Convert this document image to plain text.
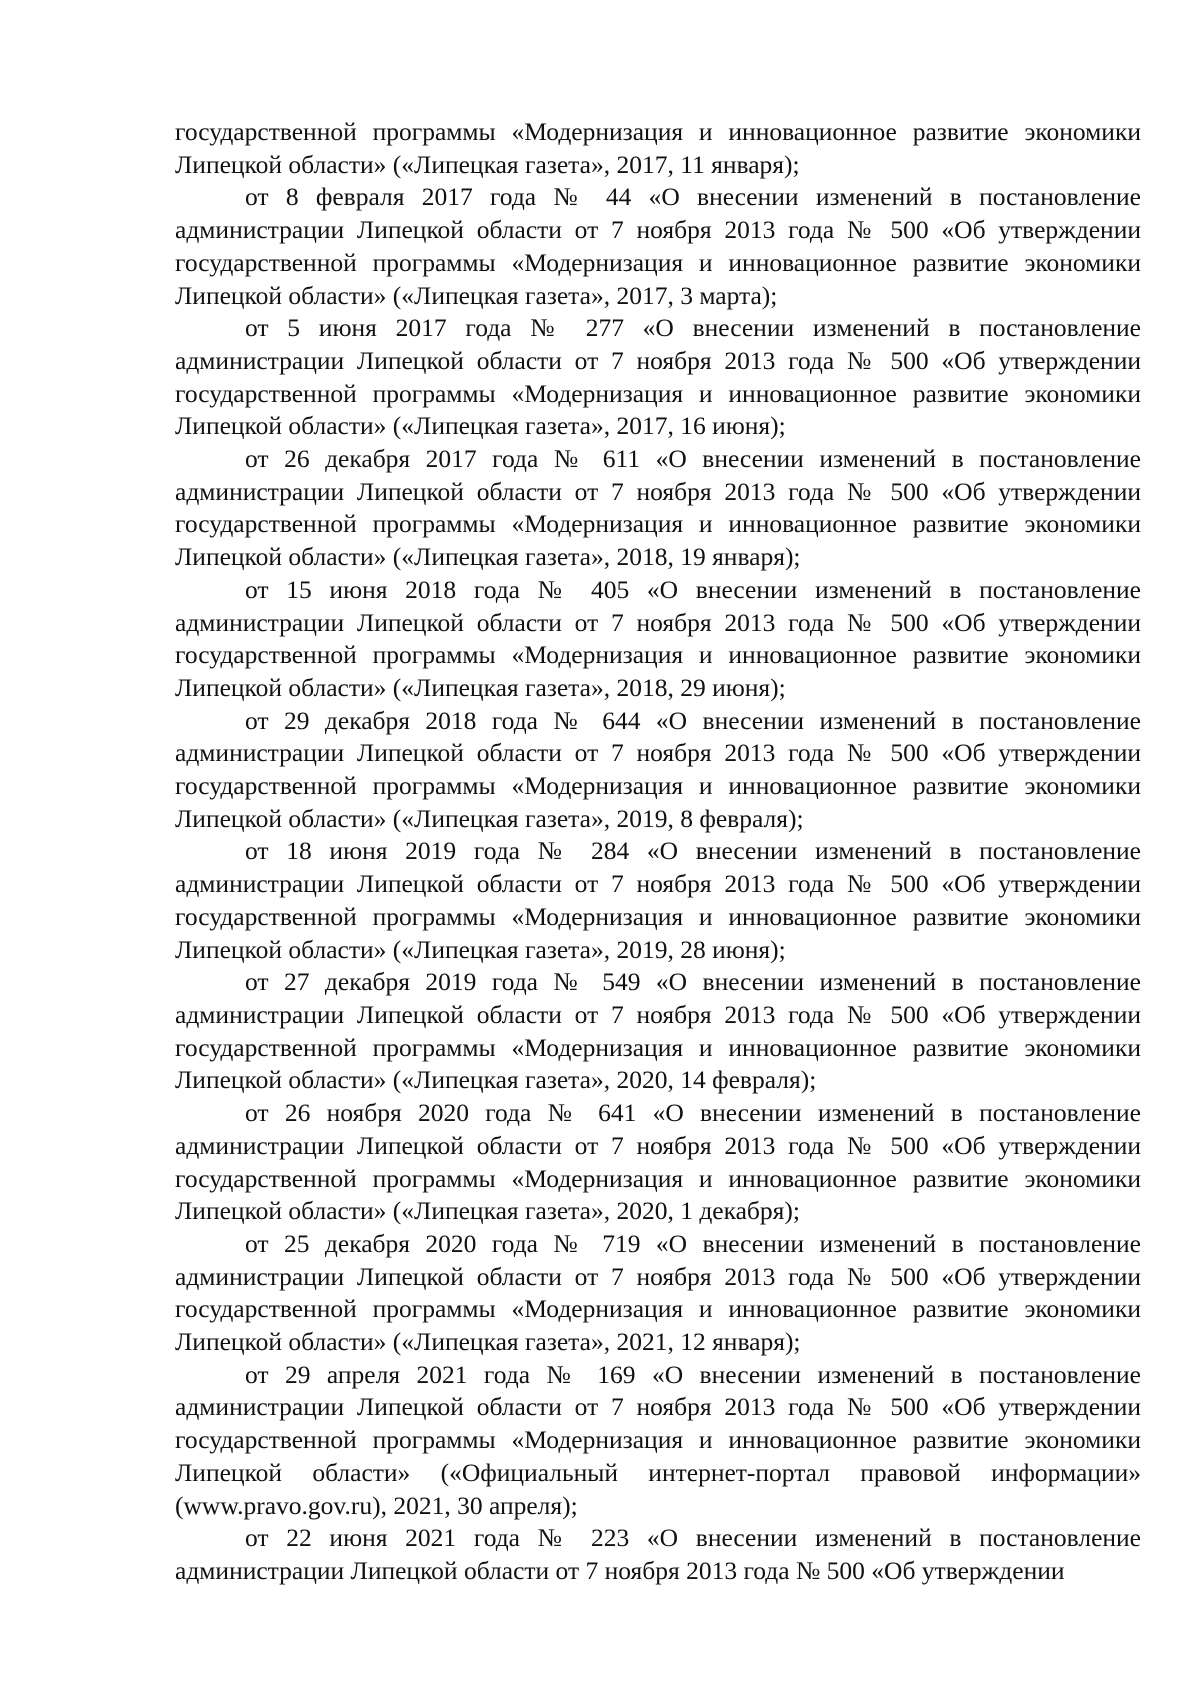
государственной программы «Модернизация и инновационное развитие экономики Липецкой области» («Липецкая газета», 2017, 11 января);

от 8 февраля 2017 года № 44 «О внесении изменений в постановление администрации Липецкой области от 7 ноября 2013 года № 500 «Об утверждении государственной программы «Модернизация и инновационное развитие экономики Липецкой области» («Липецкая газета», 2017, 3 марта);

от 5 июня 2017 года № 277 «О внесении изменений в постановление администрации Липецкой области от 7 ноября 2013 года № 500 «Об утверждении государственной программы «Модернизация и инновационное развитие экономики Липецкой области» («Липецкая газета», 2017, 16 июня);

от 26 декабря 2017 года № 611 «О внесении изменений в постановление администрации Липецкой области от 7 ноября 2013 года № 500 «Об утверждении государственной программы «Модернизация и инновационное развитие экономики Липецкой области» («Липецкая газета», 2018, 19 января);

от 15 июня 2018 года № 405 «О внесении изменений в постановление администрации Липецкой области от 7 ноября 2013 года № 500 «Об утверждении государственной программы «Модернизация и инновационное развитие экономики Липецкой области» («Липецкая газета», 2018, 29 июня);

от 29 декабря 2018 года № 644 «О внесении изменений в постановление администрации Липецкой области от 7 ноября 2013 года № 500 «Об утверждении государственной программы «Модернизация и инновационное развитие экономики Липецкой области» («Липецкая газета», 2019, 8 февраля);

от 18 июня 2019 года № 284 «О внесении изменений в постановление администрации Липецкой области от 7 ноября 2013 года № 500 «Об утверждении государственной программы «Модернизация и инновационное развитие экономики Липецкой области» («Липецкая газета», 2019, 28 июня);

от 27 декабря 2019 года № 549 «О внесении изменений в постановление администрации Липецкой области от 7 ноября 2013 года № 500 «Об утверждении государственной программы «Модернизация и инновационное развитие экономики Липецкой области» («Липецкая газета», 2020, 14 февраля);

от 26 ноября 2020 года № 641 «О внесении изменений в постановление администрации Липецкой области от 7 ноября 2013 года № 500 «Об утверждении государственной программы «Модернизация и инновационное развитие экономики Липецкой области» («Липецкая газета», 2020, 1 декабря);

от 25 декабря 2020 года № 719 «О внесении изменений в постановление администрации Липецкой области от 7 ноября 2013 года № 500 «Об утверждении государственной программы «Модернизация и инновационное развитие экономики Липецкой области» («Липецкая газета», 2021, 12 января);

от 29 апреля 2021 года № 169 «О внесении изменений в постановление администрации Липецкой области от 7 ноября 2013 года № 500 «Об утверждении государственной программы «Модернизация и инновационное развитие экономики Липецкой области» («Официальный интернет-портал правовой информации» (www.pravo.gov.ru), 2021, 30 апреля);

от 22 июня 2021 года № 223 «О внесении изменений в постановление администрации Липецкой области от 7 ноября 2013 года № 500 «Об утверждении
